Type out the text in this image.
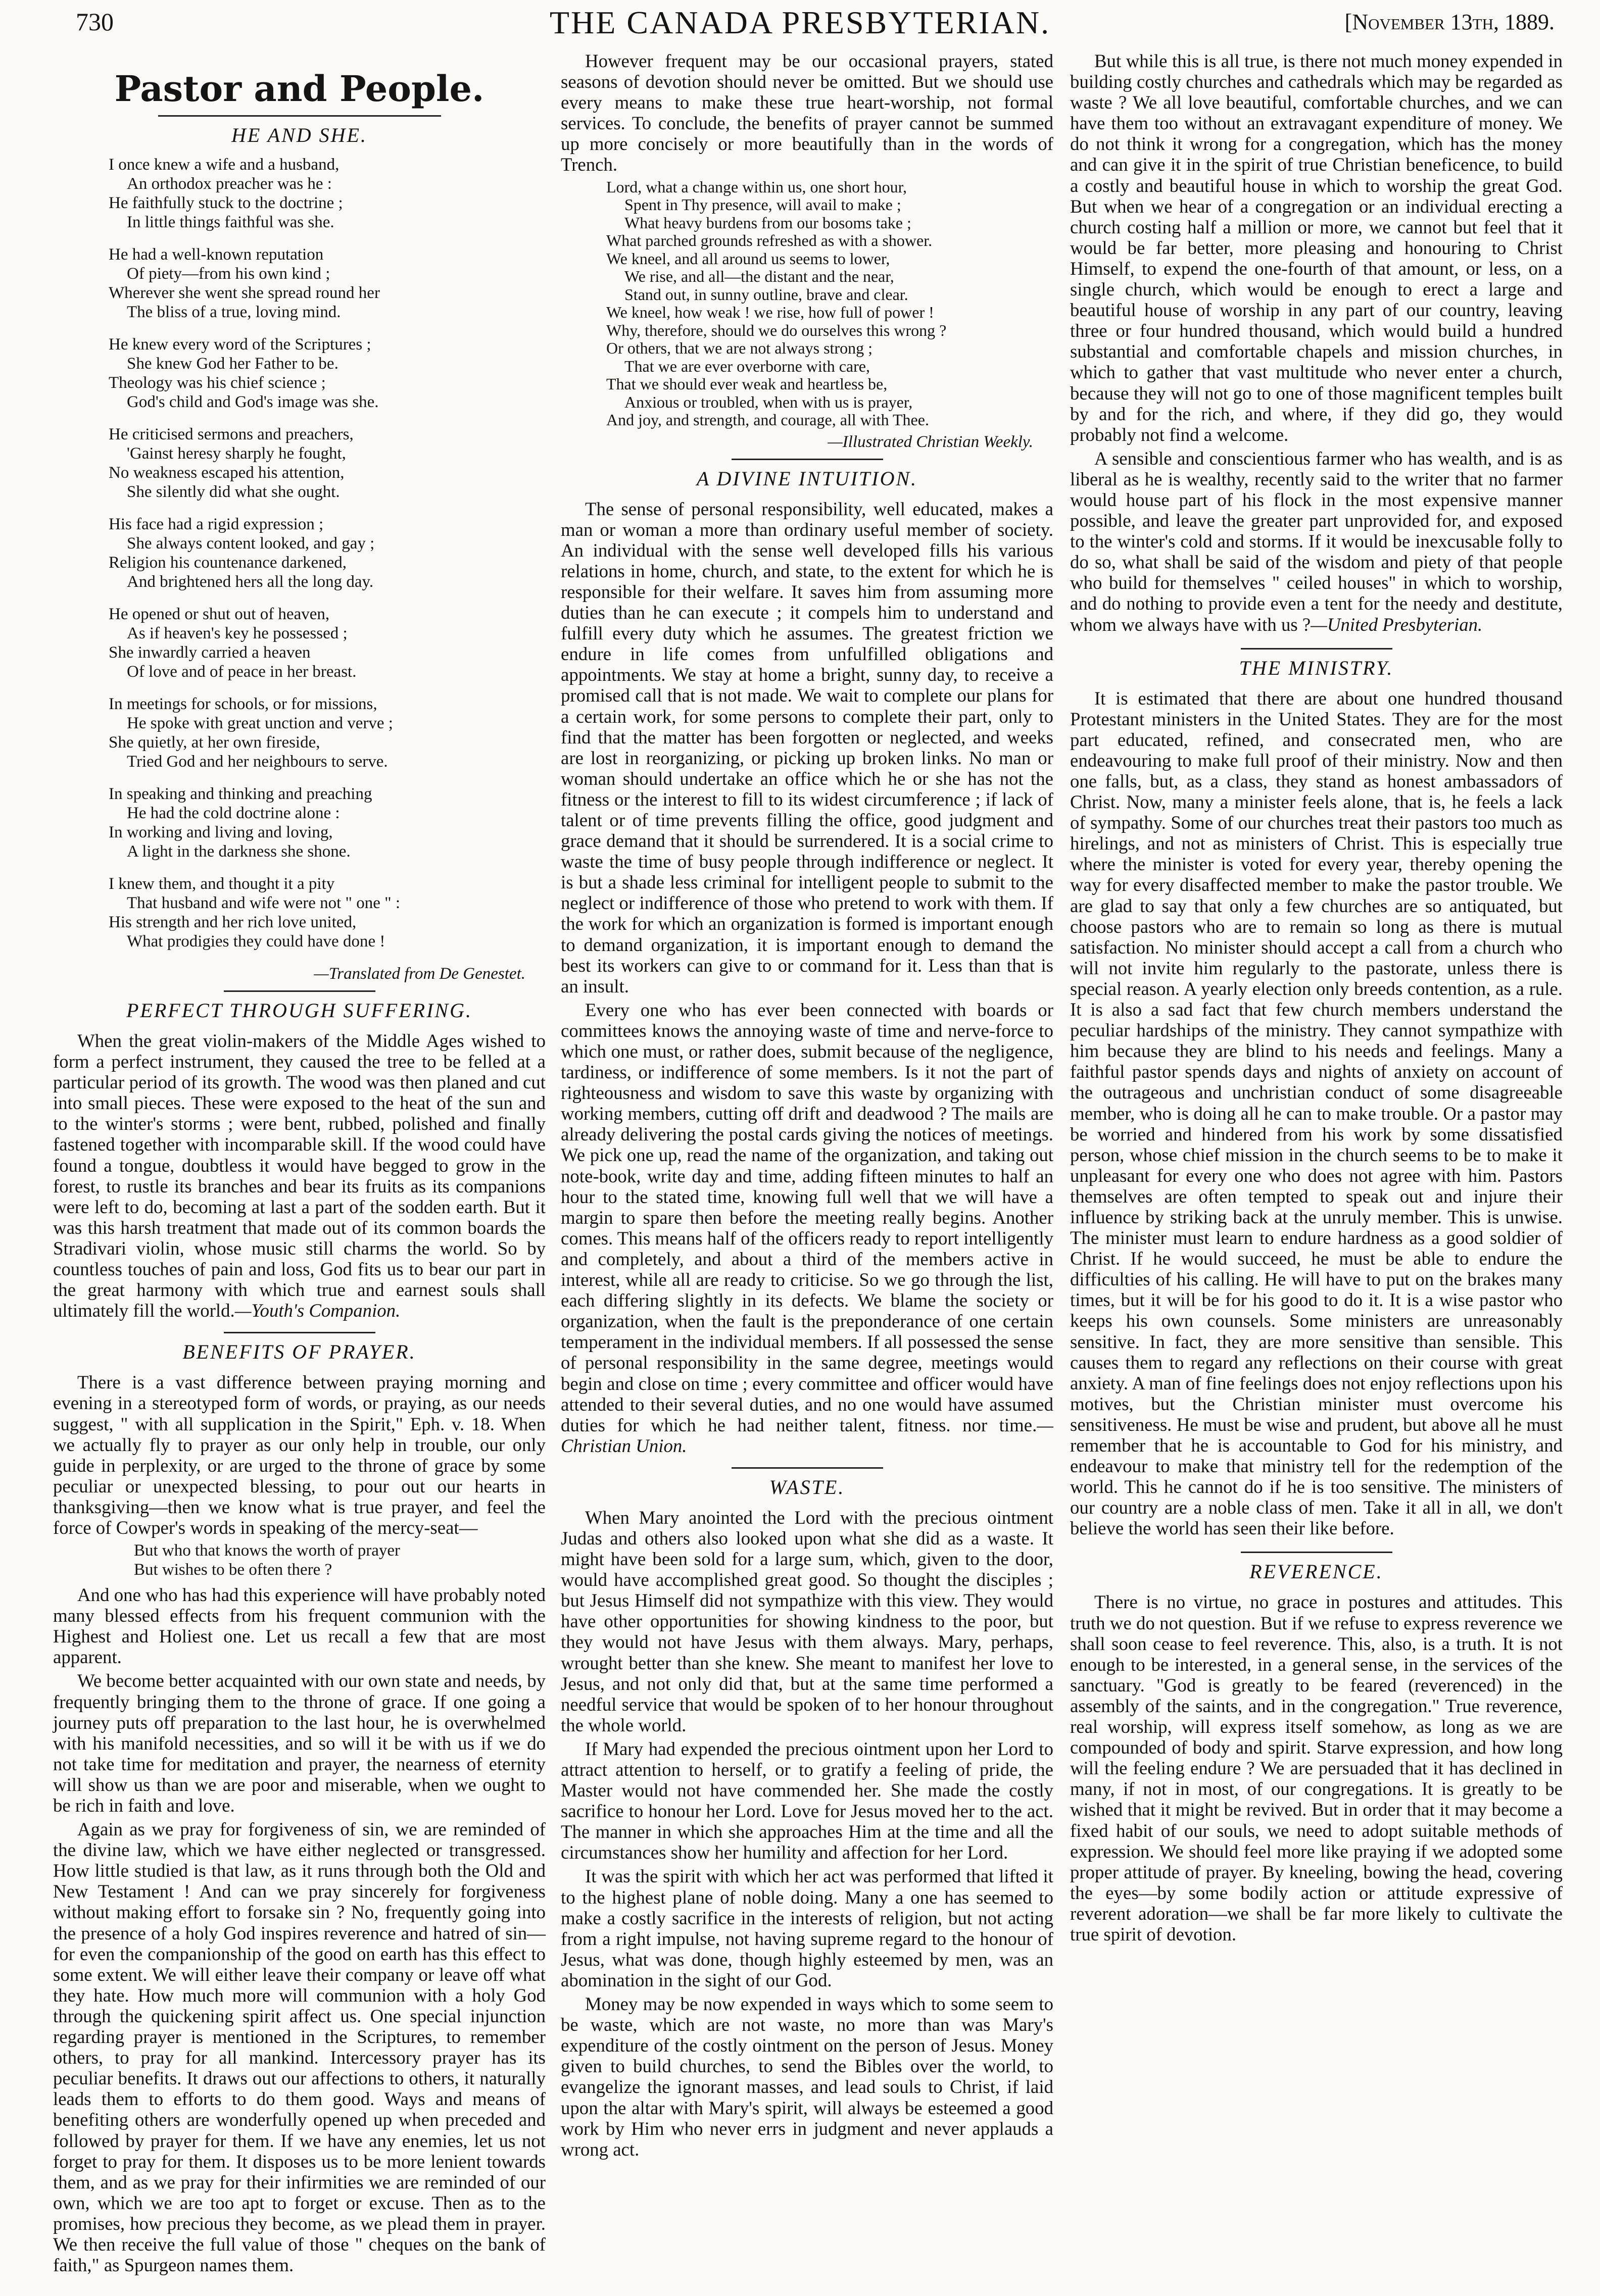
730	THE CANADA PRESBYTERIAN.	[November 13th, 1889.
Pastor and People.
HE AND SHE.
I once knew a wife and a husband,
An orthodox preacher was he :
He faithfully stuck to the doctrine ;
In little things faithful was she.
He had a well-known reputation
Of piety—from his own kind ;
Wherever she went she spread round her
The bliss of a true, loving mind.
He knew every word of the Scriptures ;
She knew God her Father to be.
Theology was his chief science ;
God's child and God's image was she.
He criticised sermons and preachers,
'Gainst heresy sharply he fought,
No weakness escaped his attention,
She silently did what she ought.
His face had a rigid expression ;
She always content looked, and gay ;
Religion his countenance darkened,
And brightened hers all the long day.
He opened or shut out of heaven,
As if heaven's key he possessed ;
She inwardly carried a heaven
Of love and of peace in her breast.
In meetings for schools, or for missions,
He spoke with great unction and verve ;
She quietly, at her own fireside,
Tried God and her neighbours to serve.
In speaking and thinking and preaching
He had the cold doctrine alone :
In working and living and loving,
A light in the darkness she shone.
I knew them, and thought it a pity
That husband and wife were not " one " :
His strength and her rich love united,
What prodigies they could have done !
—Translated from De Genestet.
PERFECT THROUGH SUFFERING.

When the great violin-makers of the Middle Ages wished to form a perfect instrument, they caused the tree to be felled at a particular period of its growth. The wood was then planed and cut into small pieces. These were exposed to the heat of the sun and to the winter's storms ; were bent, rubbed, polished and finally fastened together with incomparable skill. If the wood could have found a tongue, doubtless it would have begged to grow in the forest, to rustle its branches and bear its fruits as its companions were left to do, becoming at last a part of the sodden earth. But it was this harsh treatment that made out of its common boards the Stradivari violin, whose music still charms the world. So by countless touches of pain and loss, God fits us to bear our part in the great harmony with which true and earnest souls shall ultimately fill the world.—Youth's Companion.

BENEFITS OF PRAYER.

There is a vast difference between praying morning and evening in a stereotyped form of words, or praying, as our needs suggest, " with all supplication in the Spirit," Eph. v. 18. When we actually fly to prayer as our only help in trouble, our only guide in perplexity, or are urged to the throne of grace by some peculiar or unexpected blessing, to pour out our hearts in thanksgiving—then we know what is true prayer, and feel the force of Cowper's words in speaking of the mercy-seat—

But who that knows the worth of prayer
But wishes to be often there ?

And one who has had this experience will have probably noted many blessed effects from his frequent communion with the Highest and Holiest one. Let us recall a few that are most apparent.

We become better acquainted with our own state and needs, by frequently bringing them to the throne of grace. If one going a journey puts off preparation to the last hour, he is overwhelmed with his manifold necessities, and so will it be with us if we do not take time for meditation and prayer, the nearness of eternity will show us than we are poor and miserable, when we ought to be rich in faith and love.

Again as we pray for forgiveness of sin, we are reminded of the divine law, which we have either neglected or transgressed. How little studied is that law, as it runs through both the Old and New Testament ! And can we pray sincerely for forgiveness without making effort to forsake sin ? No, frequently going into the presence of a holy God inspires reverence and hatred of sin—for even the companionship of the good on earth has this effect to some extent. We will either leave their company or leave off what they hate. How much more will communion with a holy God through the quickening spirit affect us. One special injunction regarding prayer is mentioned in the Scriptures, to remember others, to pray for all mankind. Intercessory prayer has its peculiar benefits. It draws out our affections to others, it naturally leads them to efforts to do them good. Ways and means of benefiting others are wonderfully opened up when preceded and followed by prayer for them. If we have any enemies, let us not forget to pray for them. It disposes us to be more lenient towards them, and as we pray for their infirmities we are reminded of our own, which we are too apt to forget or excuse. Then as to the promises, how precious they become, as we plead them in prayer. We then receive the full value of those " cheques on the bank of faith," as Spurgeon names them.

However frequent may be our occasional prayers, stated seasons of devotion should never be omitted. But we should use every means to make these true heart-worship, not formal services. To conclude, the benefits of prayer cannot be summed up more concisely or more beautifully than in the words of Trench.

Lord, what a change within us, one short hour,
Spent in Thy presence, will avail to make ;
What heavy burdens from our bosoms take ;
What parched grounds refreshed as with a shower.
We kneel, and all around us seems to lower,
We rise, and all—the distant and the near,
Stand out, in sunny outline, brave and clear.
We kneel, how weak ! we rise, how full of power !
Why, therefore, should we do ourselves this wrong ?
Or others, that we are not always strong ;
That we are ever overborne with care,
That we should ever weak and heartless be,
Anxious or troubled, when with us is prayer,
And joy, and strength, and courage, all with Thee.
—Illustrated Christian Weekly.
A DIVINE INTUITION.

The sense of personal responsibility, well educated, makes a man or woman a more than ordinary useful member of society. An individual with the sense well developed fills his various relations in home, church, and state, to the extent for which he is responsible for their welfare. It saves him from assuming more duties than he can execute ; it compels him to understand and fulfill every duty which he assumes. The greatest friction we endure in life comes from unfulfilled obligations and appointments. We stay at home a bright, sunny day, to receive a promised call that is not made. We wait to complete our plans for a certain work, for some persons to complete their part, only to find that the matter has been forgotten or neglected, and weeks are lost in reorganizing, or picking up broken links. No man or woman should undertake an office which he or she has not the fitness or the interest to fill to its widest circumference ; if lack of talent or of time prevents filling the office, good judgment and grace demand that it should be surrendered. It is a social crime to waste the time of busy people through indifference or neglect. It is but a shade less criminal for intelligent people to submit to the neglect or indifference of those who pretend to work with them. If the work for which an organization is formed is important enough to demand organization, it is important enough to demand the best its workers can give to or command for it. Less than that is an insult.

Every one who has ever been connected with boards or committees knows the annoying waste of time and nerve-force to which one must, or rather does, submit because of the negligence, tardiness, or indifference of some members. Is it not the part of righteousness and wisdom to save this waste by organizing with working members, cutting off drift and deadwood ? The mails are already delivering the postal cards giving the notices of meetings. We pick one up, read the name of the organization, and taking out note-book, write day and time, adding fifteen minutes to half an hour to the stated time, knowing full well that we will have a margin to spare then before the meeting really begins. Another comes. This means half of the officers ready to report intelligently and completely, and about a third of the members active in interest, while all are ready to criticise. So we go through the list, each differing slightly in its defects. We blame the society or organization, when the fault is the preponderance of one certain temperament in the individual members. If all possessed the sense of personal responsibility in the same degree, meetings would begin and close on time ; every committee and officer would have attended to their several duties, and no one would have assumed duties for which he had neither talent, fitness. nor time.—Christian Union.

WASTE.

When Mary anointed the Lord with the precious ointment Judas and others also looked upon what she did as a waste. It might have been sold for a large sum, which, given to the door, would have accomplished great good. So thought the disciples ; but Jesus Himself did not sympathize with this view. They would have other opportunities for showing kindness to the poor, but they would not have Jesus with them always. Mary, perhaps, wrought better than she knew. She meant to manifest her love to Jesus, and not only did that, but at the same time performed a needful service that would be spoken of to her honour throughout the whole world.

If Mary had expended the precious ointment upon her Lord to attract attention to herself, or to gratify a feeling of pride, the Master would not have commended her. She made the costly sacrifice to honour her Lord. Love for Jesus moved her to the act. The manner in which she approaches Him at the time and all the circumstances show her humility and affection for her Lord.

It was the spirit with which her act was performed that lifted it to the highest plane of noble doing. Many a one has seemed to make a costly sacrifice in the interests of religion, but not acting from a right impulse, not having supreme regard to the honour of Jesus, what was done, though highly esteemed by men, was an abomination in the sight of our God.

Money may be now expended in ways which to some seem to be waste, which are not waste, no more than was Mary's expenditure of the costly ointment on the person of Jesus. Money given to build churches, to send the Bibles over the world, to evangelize the ignorant masses, and lead souls to Christ, if laid upon the altar with Mary's spirit, will always be esteemed a good work by Him who never errs in judgment and never applauds a wrong act.

But while this is all true, is there not much money expended in building costly churches and cathedrals which may be regarded as waste ? We all love beautiful, comfortable churches, and we can have them too without an extravagant expenditure of money. We do not think it wrong for a congregation, which has the money and can give it in the spirit of true Christian beneficence, to build a costly and beautiful house in which to worship the great God. But when we hear of a congregation or an individual erecting a church costing half a million or more, we cannot but feel that it would be far better, more pleasing and honouring to Christ Himself, to expend the one-fourth of that amount, or less, on a single church, which would be enough to erect a large and beautiful house of worship in any part of our country, leaving three or four hundred thousand, which would build a hundred substantial and comfortable chapels and mission churches, in which to gather that vast multitude who never enter a church, because they will not go to one of those magnificent temples built by and for the rich, and where, if they did go, they would probably not find a welcome.

A sensible and conscientious farmer who has wealth, and is as liberal as he is wealthy, recently said to the writer that no farmer would house part of his flock in the most expensive manner possible, and leave the greater part unprovided for, and exposed to the winter's cold and storms. If it would be inexcusable folly to do so, what shall be said of the wisdom and piety of that people who build for themselves " ceiled houses" in which to worship, and do nothing to provide even a tent for the needy and destitute, whom we always have with us ?—United Presbyterian.

THE MINISTRY.

It is estimated that there are about one hundred thousand Protestant ministers in the United States. They are for the most part educated, refined, and consecrated men, who are endeavouring to make full proof of their ministry. Now and then one falls, but, as a class, they stand as honest ambassadors of Christ. Now, many a minister feels alone, that is, he feels a lack of sympathy. Some of our churches treat their pastors too much as hirelings, and not as ministers of Christ. This is especially true where the minister is voted for every year, thereby opening the way for every disaffected member to make the pastor trouble. We are glad to say that only a few churches are so antiquated, but choose pastors who are to remain so long as there is mutual satisfaction. No minister should accept a call from a church who will not invite him regularly to the pastorate, unless there is special reason. A yearly election only breeds contention, as a rule. It is also a sad fact that few church members understand the peculiar hardships of the ministry. They cannot sympathize with him because they are blind to his needs and feelings. Many a faithful pastor spends days and nights of anxiety on account of the outrageous and unchristian conduct of some disagreeable member, who is doing all he can to make trouble. Or a pastor may be worried and hindered from his work by some dissatisfied person, whose chief mission in the church seems to be to make it unpleasant for every one who does not agree with him. Pastors themselves are often tempted to speak out and injure their influence by striking back at the unruly member. This is unwise. The minister must learn to endure hardness as a good soldier of Christ. If he would succeed, he must be able to endure the difficulties of his calling. He will have to put on the brakes many times, but it will be for his good to do it. It is a wise pastor who keeps his own counsels. Some ministers are unreasonably sensitive. In fact, they are more sensitive than sensible. This causes them to regard any reflections on their course with great anxiety. A man of fine feelings does not enjoy reflections upon his motives, but the Christian minister must overcome his sensitiveness. He must be wise and prudent, but above all he must remember that he is accountable to God for his ministry, and endeavour to make that ministry tell for the redemption of the world. This he cannot do if he is too sensitive. The ministers of our country are a noble class of men. Take it all in all, we don't believe the world has seen their like before.

REVERENCE.

There is no virtue, no grace in postures and attitudes. This truth we do not question. But if we refuse to express reverence we shall soon cease to feel reverence. This, also, is a truth. It is not enough to be interested, in a general sense, in the services of the sanctuary. "God is greatly to be feared (reverenced) in the assembly of the saints, and in the congregation." True reverence, real worship, will express itself somehow, as long as we are compounded of body and spirit. Starve expression, and how long will the feeling endure ? We are persuaded that it has declined in many, if not in most, of our congregations. It is greatly to be wished that it might be revived. But in order that it may become a fixed habit of our souls, we need to adopt suitable methods of expression. We should feel more like praying if we adopted some proper attitude of prayer. By kneeling, bowing the head, covering the eyes—by some bodily action or attitude expressive of reverent adoration—we shall be far more likely to cultivate the true spirit of devotion.
